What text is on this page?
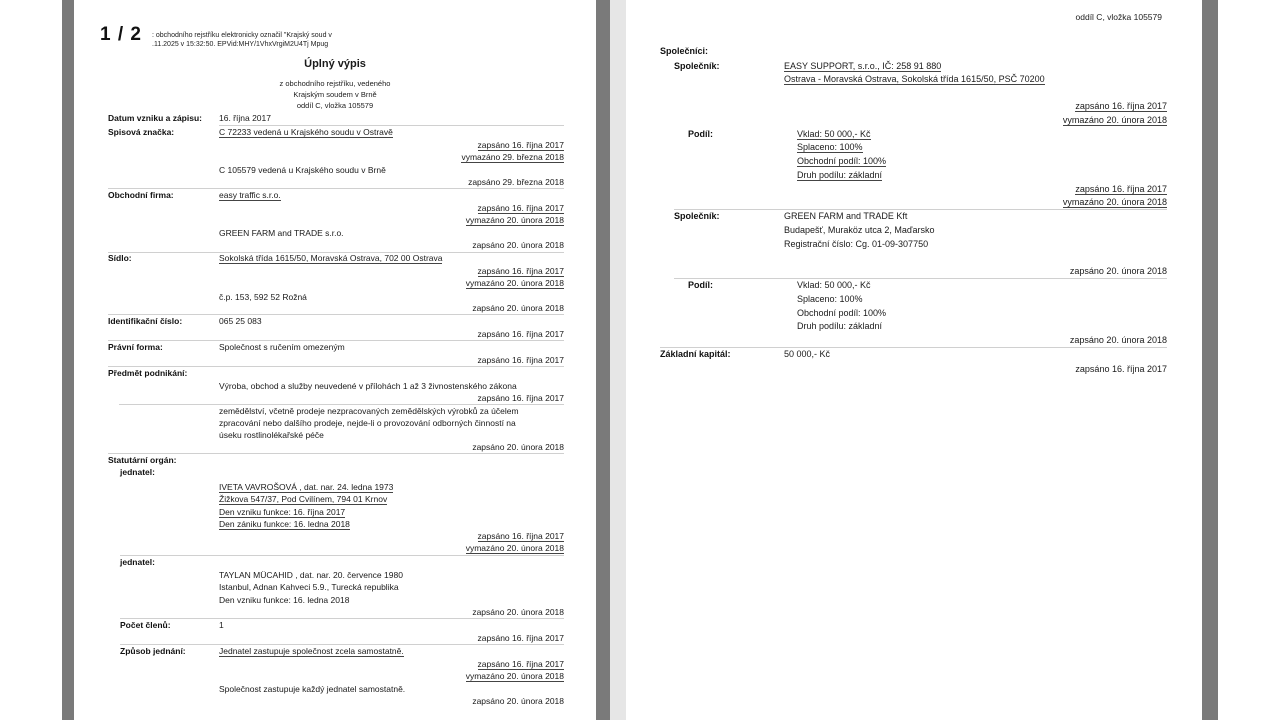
1 / 2 : obchodního rejstříku elektronicky označil "Krajský soud v
.11.2025 v 15:32:50. EPVid:MHY/1VhxVrgiM2U4Tj Mpug
Úplný výpis
z obchodního rejstříku, vedeného
Krajským soudem v Brně
oddíl C, vložka 105579
Datum vzniku a zápisu: 16. října 2017
Spisová značka:	C 72233 vedená u Krajského soudu v Ostravě
zapsáno 16. října 2017
vymazáno 29. března 2018
C 105579 vedená u Krajského soudu v Brně
zapsáno 29. března 2018
Obchodní firma:	easy traffic s.r.o.
zapsáno 16. října 2017
vymazáno 20. února 2018
GREEN FARM and TRADE s.r.o.
zapsáno 20. února 2018
Sídlo:	Sokolská třída 1615/50, Moravská Ostrava, 702 00 Ostrava
zapsáno 16. října 2017
vymazáno 20. února 2018
č.p. 153, 592 52 Rožná
zapsáno 20. února 2018
Identifikační číslo:	065 25 083
zapsáno 16. října 2017
Právní forma:	Společnost s ručením omezeným
zapsáno 16. října 2017
Předmět podnikání:
Výroba, obchod a služby neuvedené v přílohách 1 až 3 živnostenského zákona
zapsáno 16. října 2017
zemědělství, včetně prodeje nezpracovaných zemědělských výrobků za účelem
zpracování nebo dalšího prodeje, nejde-li o provozování odborných činností na
úseku rostlinolékařské péče
zapsáno 20. února 2018
Statutární orgán:
jednatel:
IVETA VAVROŠOVÁ , dat. nar. 24. ledna 1973
Žižkova 547/37, Pod Cvilínem, 794 01 Krnov
Den vzniku funkce: 16. října 2017
Den zániku funkce: 16. ledna 2018
zapsáno 16. října 2017
vymazáno 20. února 2018
jednatel:
TAYLAN MÜCAHID , dat. nar. 20. července 1980
Istanbul, Adnan Kahveci 5.9., Turecká republika
Den vzniku funkce: 16. ledna 2018
zapsáno 20. února 2018
Počet členů:	1
zapsáno 16. října 2017
Způsob jednání:	Jednatel zastupuje společnost zcela samostatně.
zapsáno 16. října 2017
vymazáno 20. února 2018
Společnost zastupuje každý jednatel samostatně.
zapsáno 20. února 2018
oddíl C, vložka 105579
Společníci:
Společník:	EASY SUPPORT, s.r.o., IČ: 258 91 880
Ostrava - Moravská Ostrava, Sokolská třída 1615/50, PSČ 70200
zapsáno 16. října 2017
vymazáno 20. února 2018
Podíl:	Vklad: 50 000,- Kč
Splaceno: 100%
Obchodní podíl: 100%
Druh podílu: základní
zapsáno 16. října 2017
vymazáno 20. února 2018
Společník:	GREEN FARM and TRADE Kft
Budapešť, Muraköz utca 2, Maďarsko
Registrační číslo: Cg. 01-09-307750
zapsáno 20. února 2018
Podíl:	Vklad: 50 000,- Kč
Splaceno: 100%
Obchodní podíl: 100%
Druh podílu: základní
zapsáno 20. února 2018
Základní kapitál:	50 000,- Kč
zapsáno 16. října 2017
